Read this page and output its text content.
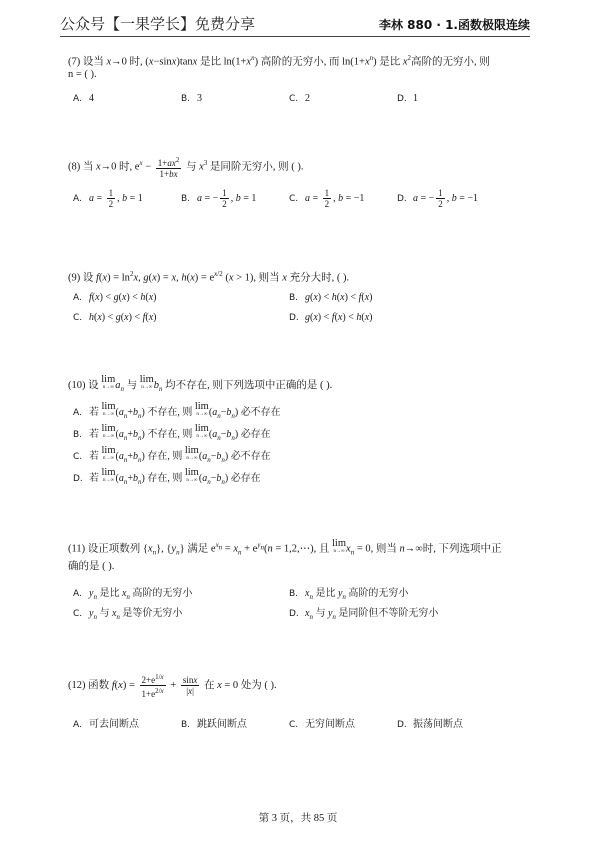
公众号【一果学长】免费分享	李林 880 · 1.函数极限连续
(7) 设当 x→0 时, (x−sinx)tanx 是比 $\ln(1+x^n)$ 高阶的无穷小, 而 $\ln(1+x^n)$ 是比 $x^2$高阶的无穷小, 则
n = ( ).
A. 4	B. 3	C. 2	D. 1
(8) 当 x→0 时, $e^x - \frac{1+ax^2}{1+bx}$ 与 $x^3$ 是同阶无穷小, 则 ( ).
A. $a = \frac{1}{2}$ , b = 1	B. a = − $\frac{1}{2}$ , b = 1	C. $a = \frac{1}{2}$ , b = −1	D. a = − $\frac{1}{2}$ , b = −1
(9) 设 $f(x) = \ln^2x$, g(x) = x, $h(x) = e^{x/2}$ (x > 1), 则当 x 充分大时, ( ).
A. f(x) < g(x) < h(x)	B. g(x) < h(x) < f(x)
C. h(x) < g(x) < f(x)	D. g(x) < f(x) < h(x)
(10) 设
lim
n→∞ $a_n$ 与
lim
n→∞ $b_n$ 均不存在, 则下列选项中正确的是 ( ).
A. 若
lim
n→∞ $(a_n+b_n)$ 不存在, 则
lim
n→∞ $(a_n-b_n)$ 必不存在
B. 若
lim
n→∞ $(a_n+b_n)$ 不存在, 则
lim
n→∞ $(a_n-b_n)$ 必存在
C. 若
lim
n→∞ $(a_n+b_n)$ 存在, 则
lim
n→∞ $(a_n-b_n)$ 必不存在
D. 若
lim
n→∞ $(a_n+b_n)$ 存在, 则
lim
n→∞ $(a_n-b_n)$ 必存在
(11) 设正项数列 $\{x_n\}$, $\{y_n\}$ 满足 $e^{x_n} = x_n + e^{y_n}(n$ = 1,2,⋯), 且
lim
n→∞ $x_n = 0$, 则当 n→∞时, 下列选项中正
确的是 ( ).
A. $y_n$ 是比 $x_n$ 高阶的无穷小	B. $x_n$ 是比 $y_n$ 高阶的无穷小
C. $y_n$ 与 $x_n$ 是等价无穷小	D. $x_n$ 与 $y_n$ 是同阶但不等阶无穷小
(12) 函数 $f(x) = \frac{2+e^{1/x}}{1+e^{2/x}} + \frac{\sin x}{|x|}$ 在 x = 0 处为 ( ).
A. 可去间断点	B. 跳跃间断点	C. 无穷间断点	D. 振荡间断点
第 3 页，共 85 页
